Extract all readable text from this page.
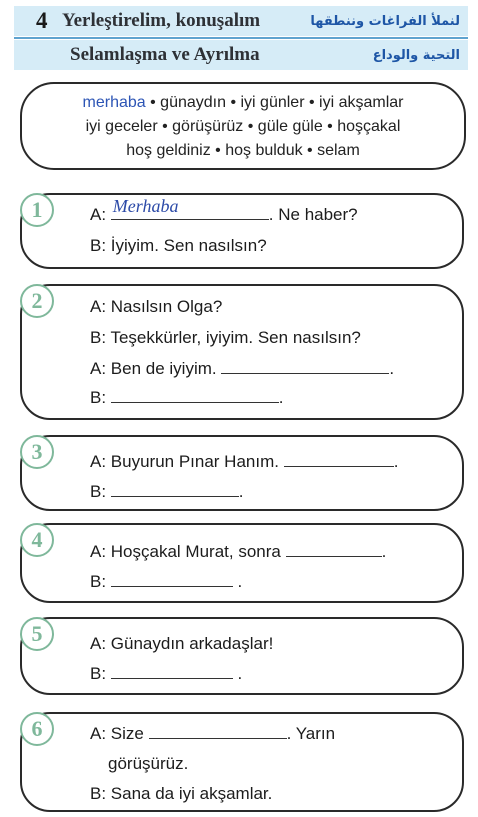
4 Yerleştirelim, konuşalım	لنملأ الفراغات وننطقها
Selamlaşma ve Ayrılma	التحية والوداع
merhaba • günaydın • iyi günler • iyi akşamlar
iyi geceler • görüşürüz • güle güle • hoşçakal
hoş geldiniz • hoş bulduk • selam
1	A: Merhaba	. Ne haber?
B: İyiyim. Sen nasılsın?
2	A: Nasılsın Olga?
B: Teşekkürler, iyiyim. Sen nasılsın?
A: Ben de iyiyim.	.
B:	.
3	A: Buyurun Pınar Hanım.	.
B:	.
4	A: Hoşçakal Murat, sonra	.
B:	.
5	A: Günaydın arkadaşlar!
B:	.
6	A: Size	. Yarın
görüşürüz.
B: Sana da iyi akşamlar.
